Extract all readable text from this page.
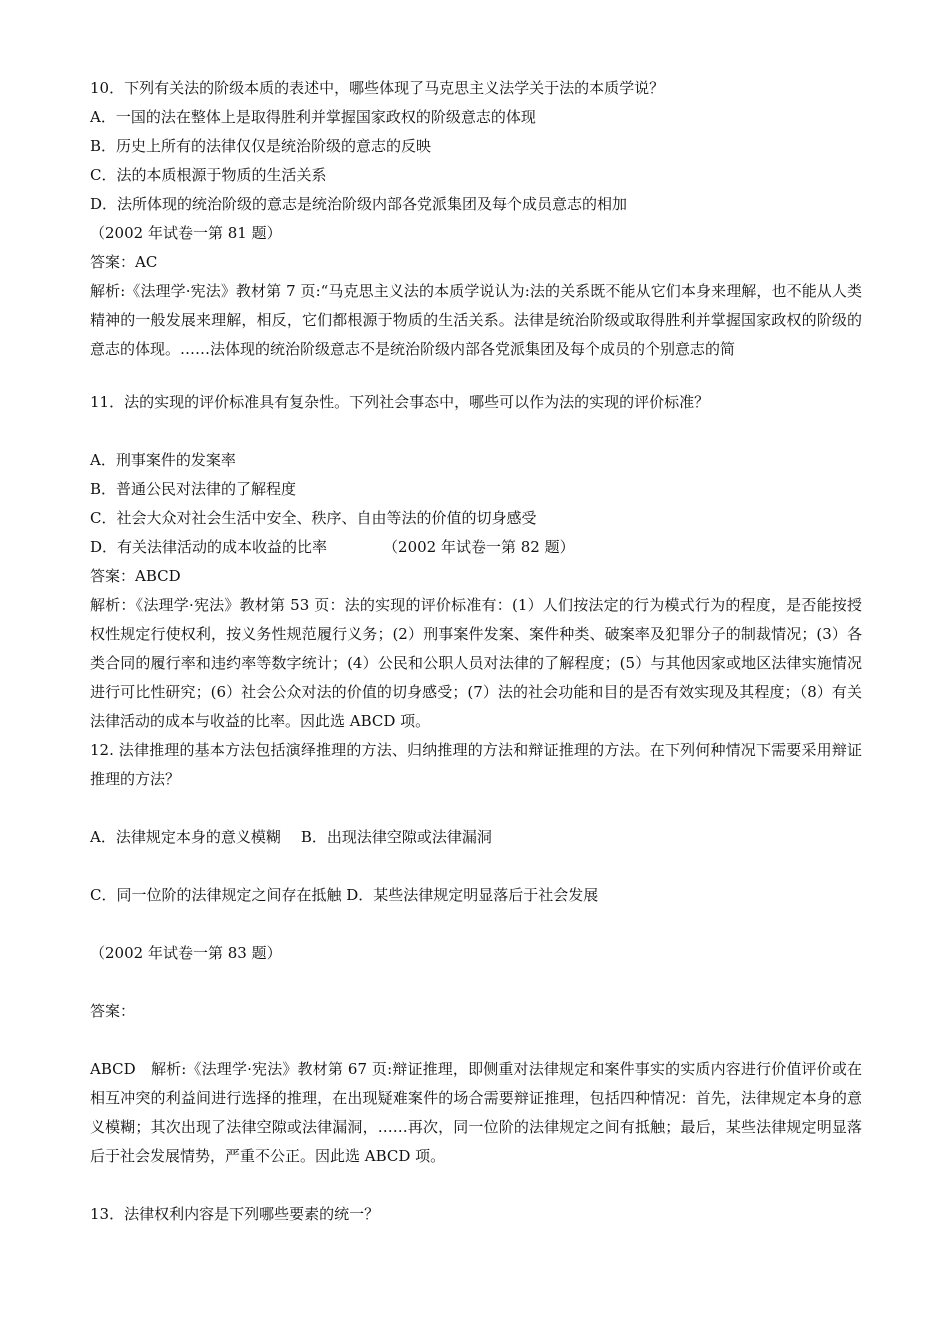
10．下列有关法的阶级本质的表述中，哪些体现了马克思主义法学关于法的本质学说？
A．一国的法在整体上是取得胜利并掌握国家政权的阶级意志的体现
B．历史上所有的法律仅仅是统治阶级的意志的反映
C．法的本质根源于物质的生活关系
D．法所体现的统治阶级的意志是统治阶级内部各党派集团及每个成员意志的相加
（2002 年试卷一第 81 题）
答案：AC
解析:《法理学·宪法》教材第 7 页:“马克思主义法的本质学说认为:法的关系既不能从它们本身来理解，也不能从人类精神的一般发展来理解，相反，它们都根源于物质的生活关系。法律是统治阶级或取得胜利并掌握国家政权的阶级的意志的体现。……法体现的统治阶级意志不是统治阶级内部各党派集团及每个成员的个别意志的简
11．法的实现的评价标准具有复杂性。下列社会事态中，哪些可以作为法的实现的评价标准？
A．刑事案件的发案率
B．普通公民对法律的了解程度
C．社会大众对社会生活中安全、秩序、自由等法的价值的切身感受
D．有关法律活动的成本收益的比率	（2002 年试卷一第 82 题）
答案：ABCD
解析：《法理学·宪法》教材第 53 页：法的实现的评价标准有：(1）人们按法定的行为模式行为的程度，是否能按授权性规定行使权利，按义务性规范履行义务；(2）刑事案件发案、案件种类、破案率及犯罪分子的制裁情况；(3）各类合同的履行率和违约率等数字统计；(4）公民和公职人员对法律的了解程度；(5）与其他因家或地区法律实施情况进行可比性研究；(6）社会公众对法的价值的切身感受；(7）法的社会功能和目的是否有效实现及其程度；（8）有关法律活动的成本与收益的比率。因此选 ABCD 项。
12. 法律推理的基本方法包括演绎推理的方法、归纳推理的方法和辩证推理的方法。在下列何种情况下需要采用辩证推理的方法？
A．法律规定本身的意义模糊 B．出现法律空隙或法律漏洞
C．同一位阶的法律规定之间存在抵触 D．某些法律规定明显落后于社会发展
（2002 年试卷一第 83 题）
答案：
ABCD　解析:《法理学·宪法》教材第 67 页:辩证推理，即侧重对法律规定和案件事实的实质内容进行价值评价或在相互冲突的利益间进行选择的推理，在出现疑难案件的场合需要辩证推理，包括四种情况：首先，法律规定本身的意义模糊；其次出现了法律空隙或法律漏洞，……再次，同一位阶的法律规定之间有抵触；最后，某些法律规定明显落后于社会发展情势，严重不公正。因此选 ABCD 项。
13．法律权利内容是下列哪些要素的统一？
